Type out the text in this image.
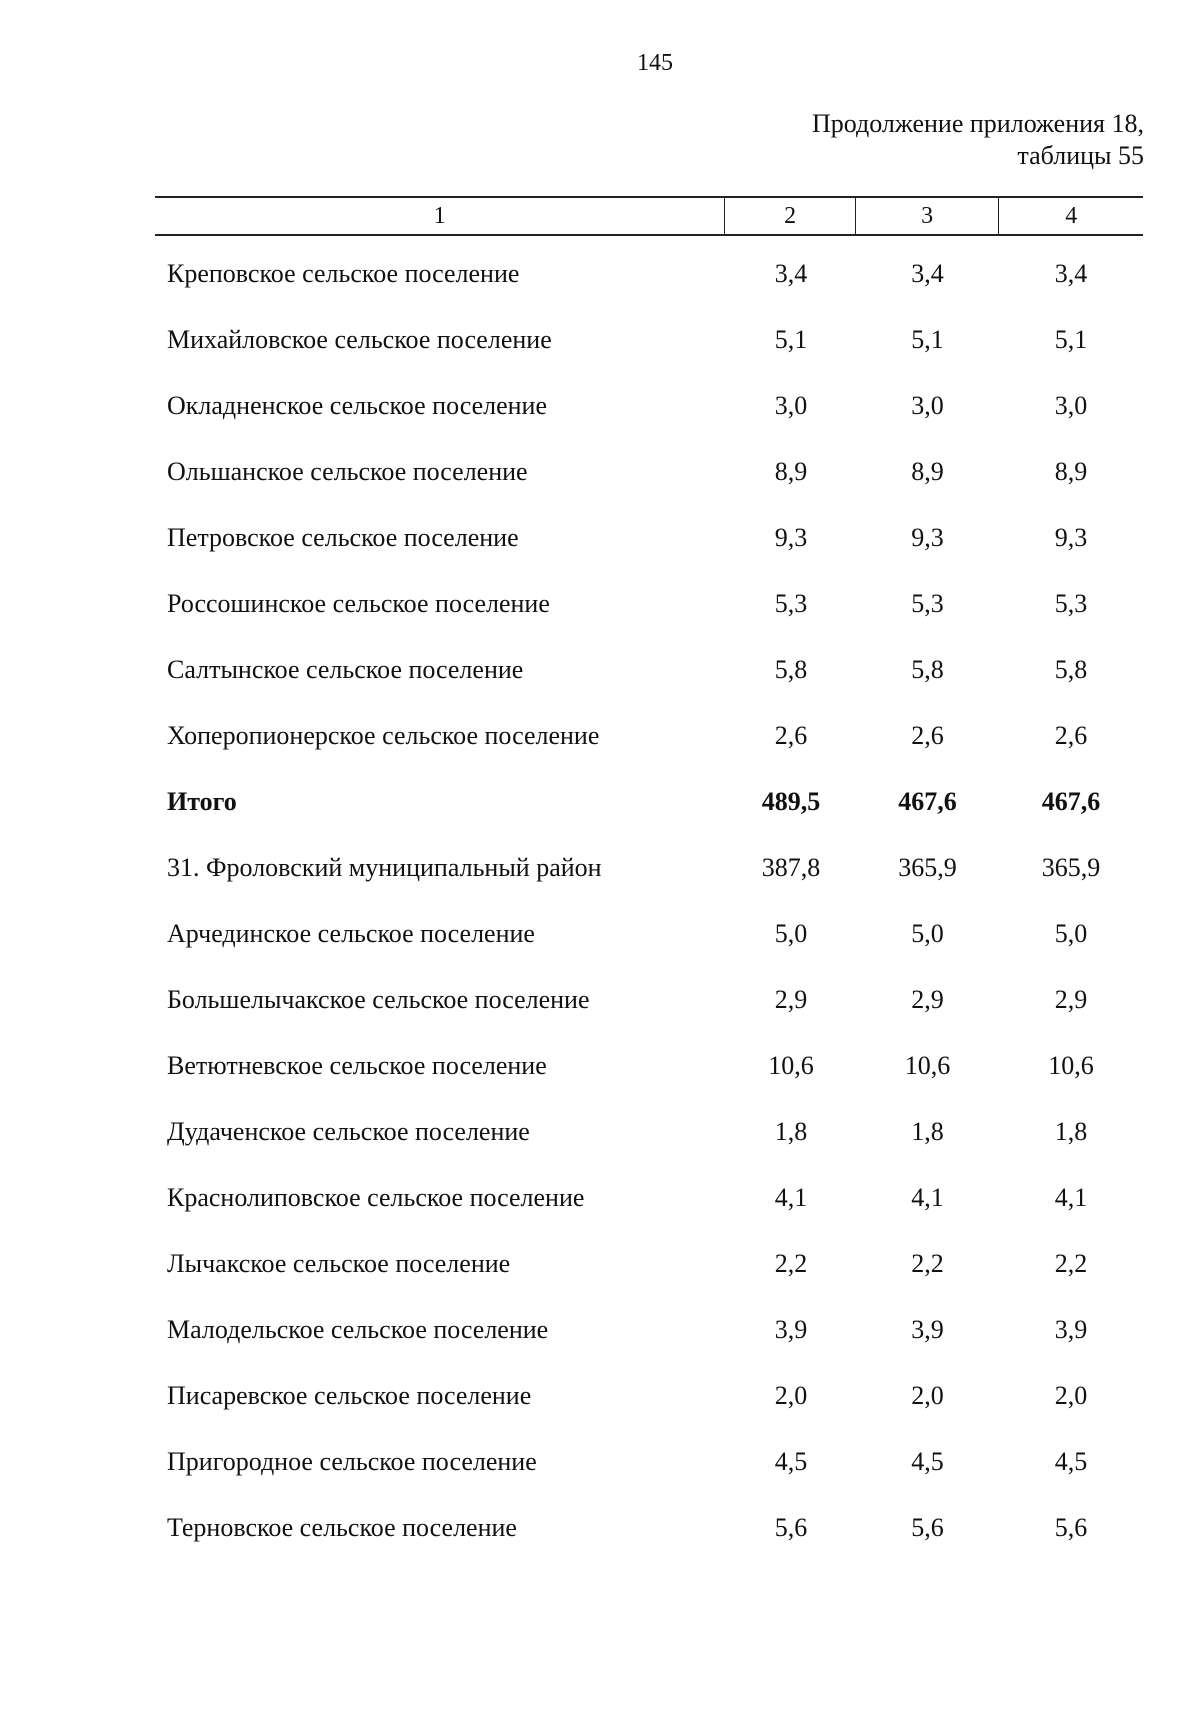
145
Продолжение приложения 18,
таблицы 55
1	2	3	4
Креповское сельское поселение	3,4	3,4	3,4
Михайловское сельское поселение	5,1	5,1	5,1
Окладненское сельское поселение	3,0	3,0	3,0
Ольшанское сельское поселение	8,9	8,9	8,9
Петровское сельское поселение	9,3	9,3	9,3
Россошинское сельское поселение	5,3	5,3	5,3
Салтынское сельское поселение	5,8	5,8	5,8
Хоперопионерское сельское поселение	2,6	2,6	2,6
Итого	489,5	467,6	467,6
31. Фроловский муниципальный район	387,8	365,9	365,9
Арчединское сельское поселение	5,0	5,0	5,0
Большелычакское сельское поселение	2,9	2,9	2,9
Ветютневское сельское поселение	10,6	10,6	10,6
Дудаченское сельское поселение	1,8	1,8	1,8
Краснолиповское сельское поселение	4,1	4,1	4,1
Лычакское сельское поселение	2,2	2,2	2,2
Малодельское сельское поселение	3,9	3,9	3,9
Писаревское сельское поселение	2,0	2,0	2,0
Пригородное сельское поселение	4,5	4,5	4,5
Терновское сельское поселение	5,6	5,6	5,6
